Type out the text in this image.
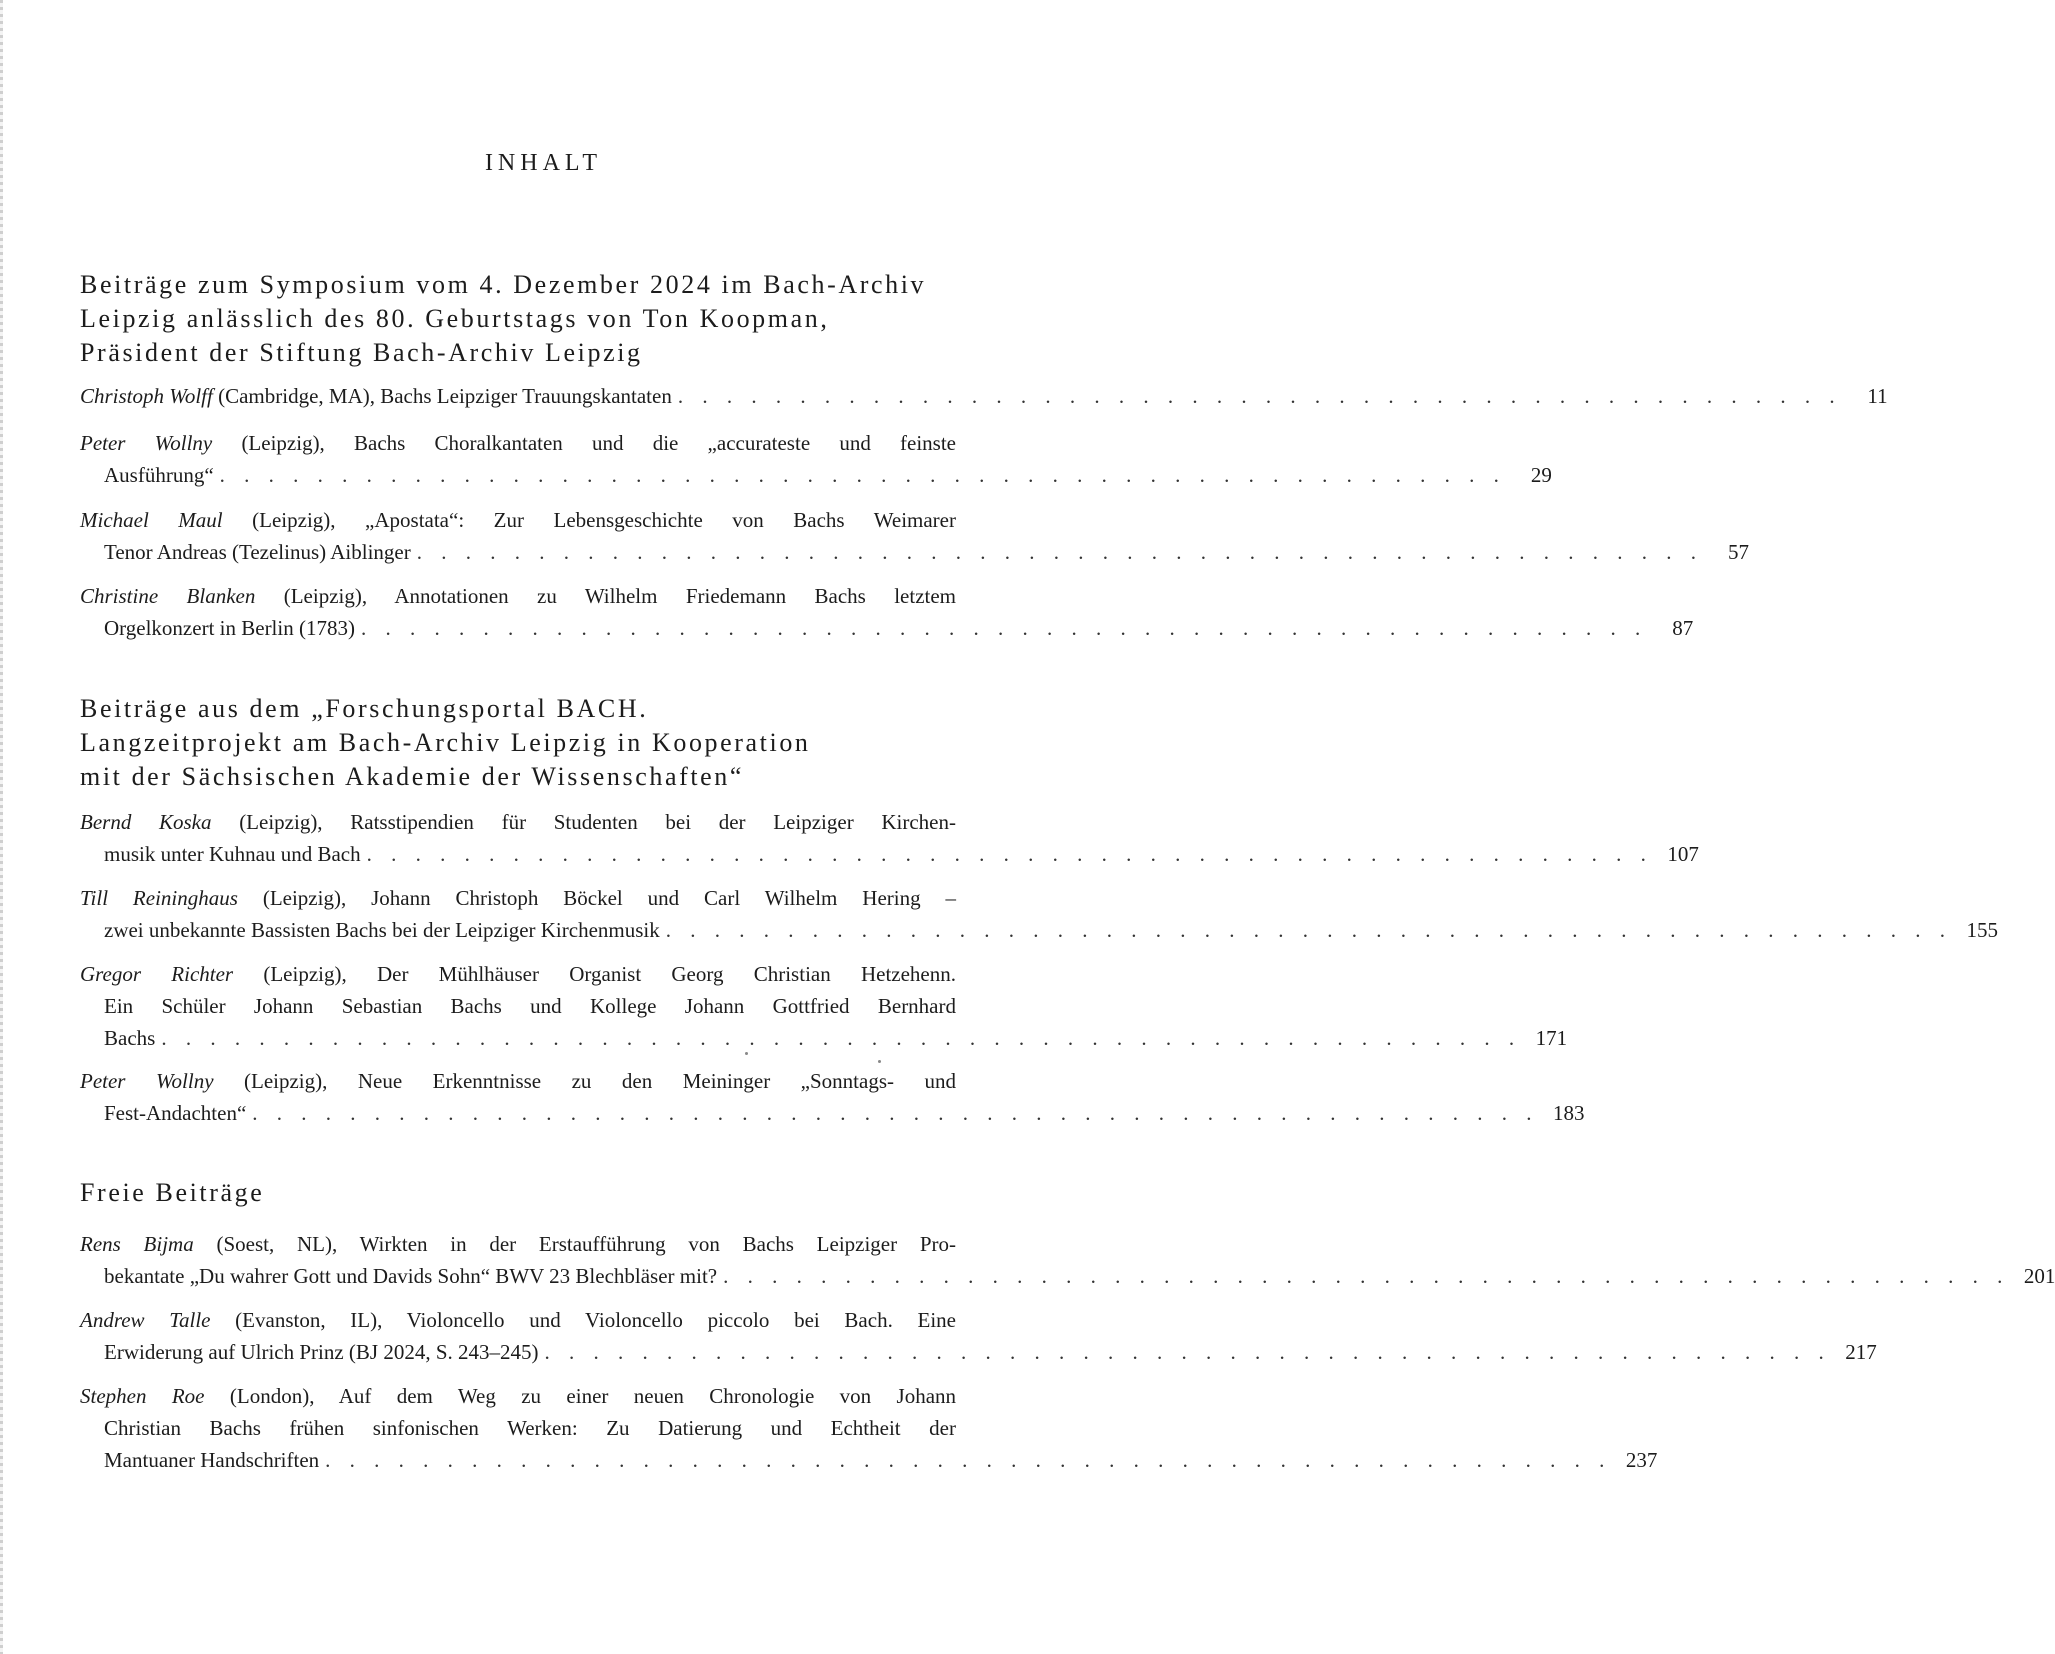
INHALT
Beiträge zum Symposium vom 4. Dezember 2024 im Bach-Archiv
Leipzig anlässlich des 80. Geburtstags von Ton Koopman,
Präsident der Stiftung Bach-Archiv Leipzig
Christoph Wolff
(Cambridge, MA), Bachs Leipziger Trauungskantaten . . . . . . . . . . . . . . . . . . . . . . . . . . . . . . . . . . . . . . . . . . . . . . . .	11
Peter Wollny (Leipzig), Bachs Choralkantaten und die „accurateste und feinste
Ausführung“ . . . . . . . . . . . . . . . . . . . . . . . . . . . . . . . . . . . . . . . . . . . . . . . . . . . . .	29
Michael Maul (Leipzig), „Apostata“: Zur Lebensgeschichte von Bachs Weimarer
Tenor Andreas (Tezelinus) Aiblinger . . . . . . . . . . . . . . . . . . . . . . . . . . . . . . . . . . . . . . . . . . . . . . . . . . . . .	57
Christine Blanken (Leipzig), Annotationen zu Wilhelm Friedemann Bachs letztem
Orgelkonzert in Berlin (1783) . . . . . . . . . . . . . . . . . . . . . . . . . . . . . . . . . . . . . . . . . . . . . . . . . . . . .	87
Beiträge aus dem „Forschungsportal BACH.
Langzeitprojekt am Bach-Archiv Leipzig in Kooperation
mit der Sächsischen Akademie der Wissenschaften“
Bernd Koska (Leipzig), Ratsstipendien für Studenten bei der Leipziger Kirchen-
musik unter Kuhnau und Bach . . . . . . . . . . . . . . . . . . . . . . . . . . . . . . . . . . . . . . . . . . . . . . . . . . . . . 107
Till Reininghaus (Leipzig), Johann Christoph Böckel und Carl Wilhelm Hering –
zwei unbekannte Bassisten Bachs bei der Leipziger Kirchenmusik . . . . . . . . . . . . . . . . . . . . . . . . . . . . . . . . . . . . . . . . . . . . . . . . . . . . . 155
Gregor Richter (Leipzig), Der Mühlhäuser Organist Georg Christian Hetzehenn.
Ein Schüler Johann Sebastian Bachs und Kollege Johann Gottfried Bernhard
Bachs . . . . . . . . . . . . . . . . . . . . . . . . . . . . . . . . . . . . . . . . . . . . . . . . . . . . . . . . 171
Peter Wollny (Leipzig), Neue Erkenntnisse zu den Meininger „Sonntags- und
Fest-Andachten“ . . . . . . . . . . . . . . . . . . . . . . . . . . . . . . . . . . . . . . . . . . . . . . . . . . . . . 183
Freie Beiträge
Rens Bijma (Soest, NL), Wirkten in der Erstaufführung von Bachs Leipziger Pro-
bekantate „Du wahrer Gott und Davids Sohn“ BWV 23 Blechbläser mit? . . . . . . . . . . . . . . . . . . . . . . . . . . . . . . . . . . . . . . . . . . . . . . . . . . . . . 201
Andrew Talle (Evanston, IL), Violoncello und Violoncello piccolo bei Bach. Eine
Erwiderung auf Ulrich Prinz (BJ 2024, S. 243–245) . . . . . . . . . . . . . . . . . . . . . . . . . . . . . . . . . . . . . . . . . . . . . . . . . . . . . 217
Stephen Roe (London), Auf dem Weg zu einer neuen Chronologie von Johann
Christian Bachs frühen sinfonischen Werken: Zu Datierung und Echtheit der
Mantuaner Handschriften . . . . . . . . . . . . . . . . . . . . . . . . . . . . . . . . . . . . . . . . . . . . . . . . . . . . . 237
